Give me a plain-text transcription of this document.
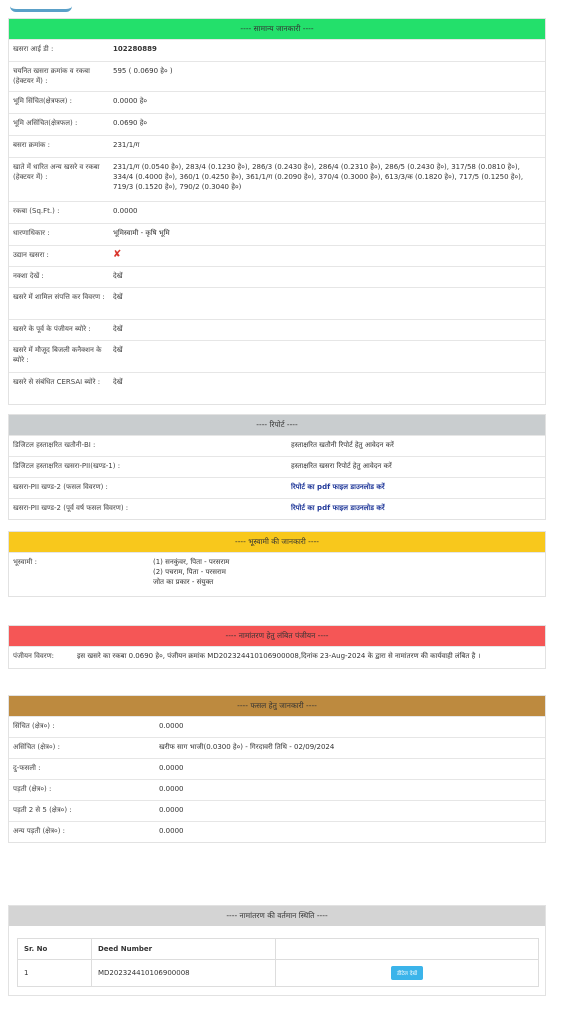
---- सामान्य जानकारी ----
खसरा आई डी :	102280889
चयनित खसरा क्रमांक व रकबा (हेक्टयर में) :
595 ( 0.0690 हे० )
भूमि सिंचित(क्षेत्रफल) :	0.0000 हे०
भूमि असिंचित(क्षेत्रफल) :	0.0690 हे०
बसरा क्रमांक :	231/1/ग
खाते में धारित अन्य खसरे व रकबा (हेक्टयर में) :
231/1/ग (0.0540 हे०), 283/4 (0.1230 हे०), 286/3 (0.2430 हे०), 286/4 (0.2310 हे०), 286/5 (0.2430 हे०), 317/58 (0.0810 हे०), 334/4 (0.4000 हे०), 360/1 (0.4250 हे०), 361/1/ग (0.2090 हे०), 370/4 (0.3000 हे०), 613/3/क (0.1820 हे०), 717/5 (0.1250 हे०), 719/3 (0.1520 हे०), 790/2 (0.3040 हे०)
रकबा (Sq.Ft.) :	0.0000
धारणाधिकार :	भूमिस्वामी - कृषि भूमि
उद्यान खसरा :	✘
नक्शा देखें :	देखें
खसरे में शामिल संपत्ति कर विवरण :	देखें
खसरे के पूर्व के पंजीयन ब्योरे :	देखें
खसरे में मौजूद बिजली कनैक्शन के ब्योरे :
देखें
खसरे से संबंधित CERSAI ब्योरे :	देखें
---- रिपोर्ट ----
डिजिटल हस्ताक्षरित खतौनी-BI :	हस्ताक्षरित खतौनी रिपोर्ट हेतु आवेदन करें
डिजिटल हस्ताक्षरित खसरा-PII(खण्ड-1) :	हस्ताक्षरित खसरा रिपोर्ट हेतु आवेदन करें
खसरा-PII खण्ड-2 (फसल विवरण) :	रिपोर्ट का pdf फाइल डाउनलोड करें
खसरा-PII खण्ड-2 (पूर्व वर्ष फसल विवरण) :	रिपोर्ट का pdf फाइल डाउनलोड करें
---- भूस्वामी की जानकारी ----
भूस्वामी :	(1) सनकुंवर, पिता - परसराम
(2) पचराम, पिता - परसराम
जोत का प्रकार - संयुक्त
---- नामांतरण हेतु लंबित पंजीयन ----
पंजीयन विवरण:	इस खसरे का रकबा 0.0690 हे०, पंजीयन क्रमांक MD202324410106900008,दिनांक 23-Aug-2024 के द्वारा से नामांतरण की कार्यवाही लंबित है ।
---- फसल हेतु जानकारी ----
सिंचित (क्षेत्र०) :	0.0000
असिंचित (क्षेत्र०) :	खरीफ साग भाजी(0.0300 हे०) - गिरदावरी तिथि - 02/09/2024
दु-फसली :	0.0000
पड़ती (क्षेत्र०) :	0.0000
पड़ती 2 से 5 (क्षेत्र०) :	0.0000
अन्य पड़ती (क्षेत्र०) :	0.0000
---- नामांतरण की वर्तमान स्थिति ----
Sr. No	Deed Number	
1	MD202324410106900008	डीटेल देखें
